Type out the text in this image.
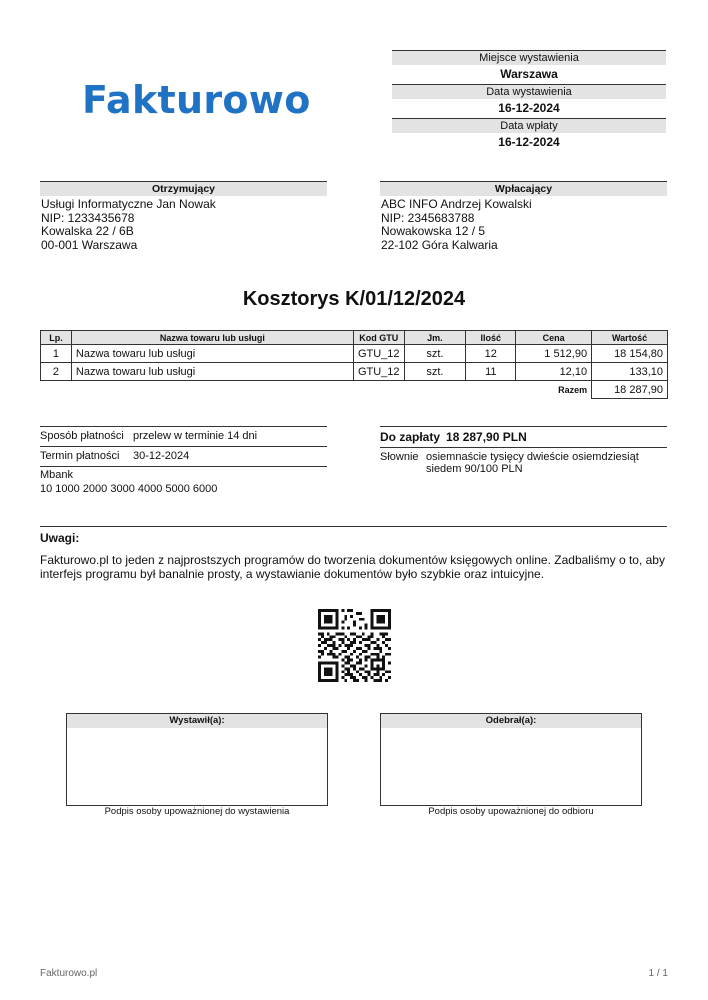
Fakturowo
Miejsce wystawienia
Warszawa
Data wystawienia
16-12-2024
Data wpłaty
16-12-2024
Otrzymujący
Usługi Informatyczne Jan Nowak
NIP: 1233435678
Kowalska 22 / 6B
00-001 Warszawa
Wpłacający
ABC INFO Andrzej Kowalski
NIP: 2345683788
Nowakowska 12 / 5
22-102 Góra Kalwaria
Kosztorys K/01/12/2024
Lp.	Nazwa towaru lub usługi	Kod GTU	Jm.	Ilość	Cena	Wartość
1	Nazwa towaru lub usługi	GTU_12	szt.	12	1 512,90	18 154,80
2	Nazwa towaru lub usługi	GTU_12	szt.	11	12,10	133,10
					Razem	18 287,90
Sposób płatności przelew w terminie 14 dni
Termin płatności 30-12-2024
Mbank
10 1000 2000 3000 4000 5000 6000
Do zapłaty 18 287,90 PLN
Słownie osiemnaście tysięcy dwieście osiemdziesiąt siedem 90/100 PLN
Uwagi:
Fakturowo.pl to jeden z najprostszych programów do tworzenia dokumentów księgowych online. Zadbaliśmy o to, aby interfejs programu był banalnie prosty, a wystawianie dokumentów było szybkie oraz intuicyjne.
Wystawił(a):
Podpis osoby upoważnionej do wystawienia
Odebrał(a):
Podpis osoby upoważnionej do odbioru
Fakturowo.pl	1 / 1
